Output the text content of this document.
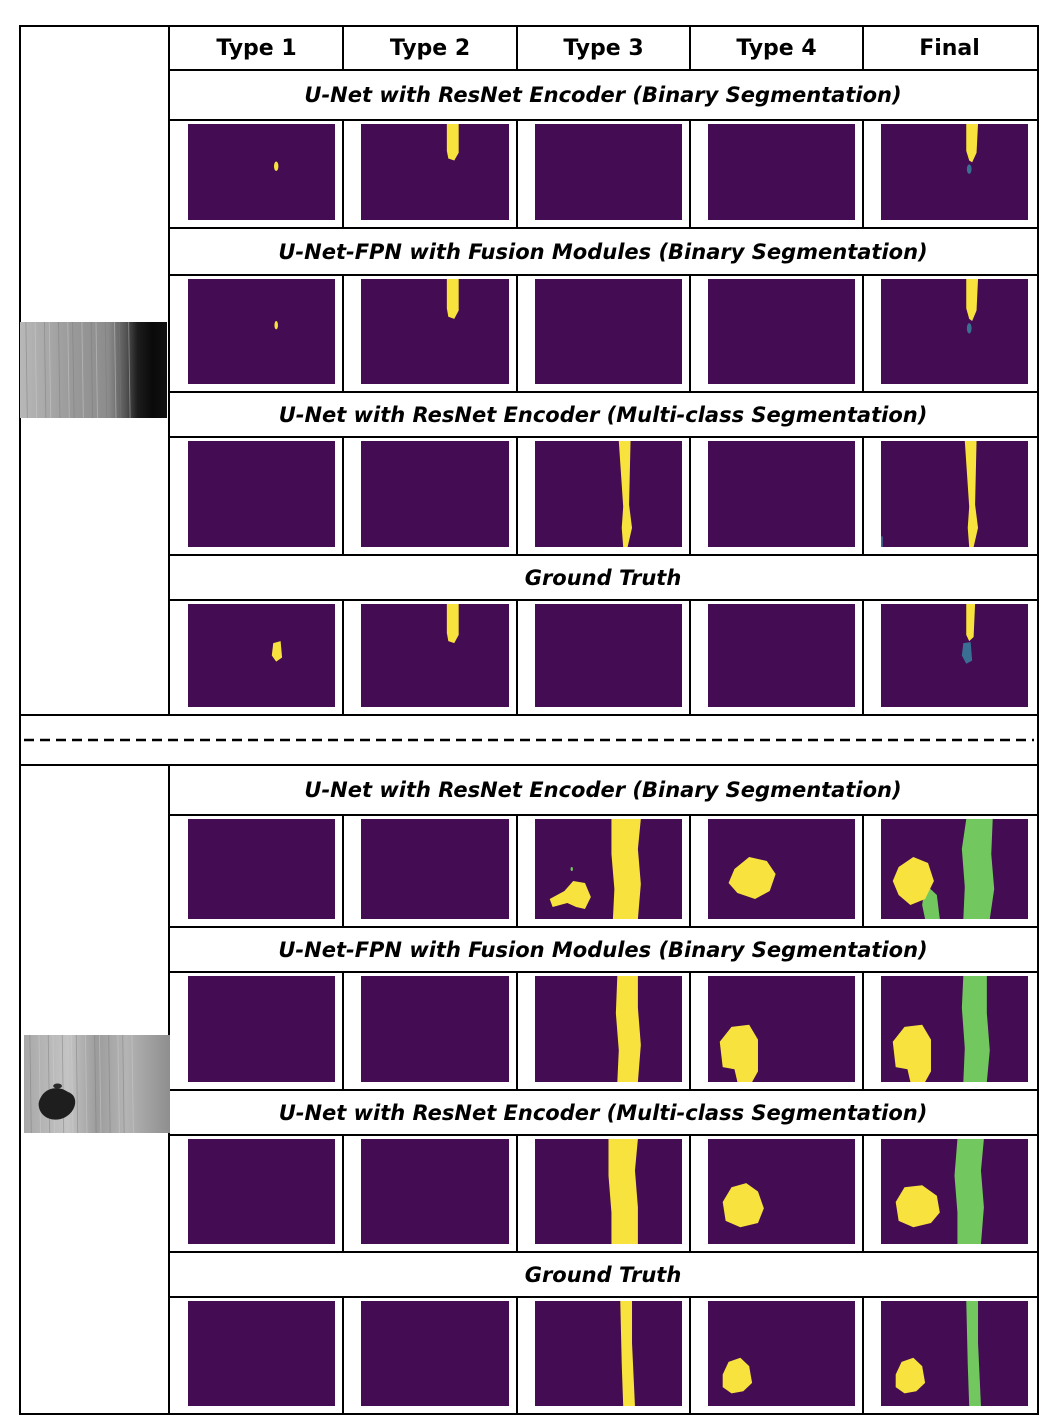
Type 1	Type 2	Type 3	Type 4	Final
U-Net with ResNet Encoder (Binary Segmentation)
U-Net-FPN with Fusion Modules (Binary Segmentation)
U-Net with ResNet Encoder (Multi-class Segmentation)
Ground Truth
U-Net with ResNet Encoder (Binary Segmentation)
U-Net-FPN with Fusion Modules (Binary Segmentation)
U-Net with ResNet Encoder (Multi-class Segmentation)
Ground Truth
